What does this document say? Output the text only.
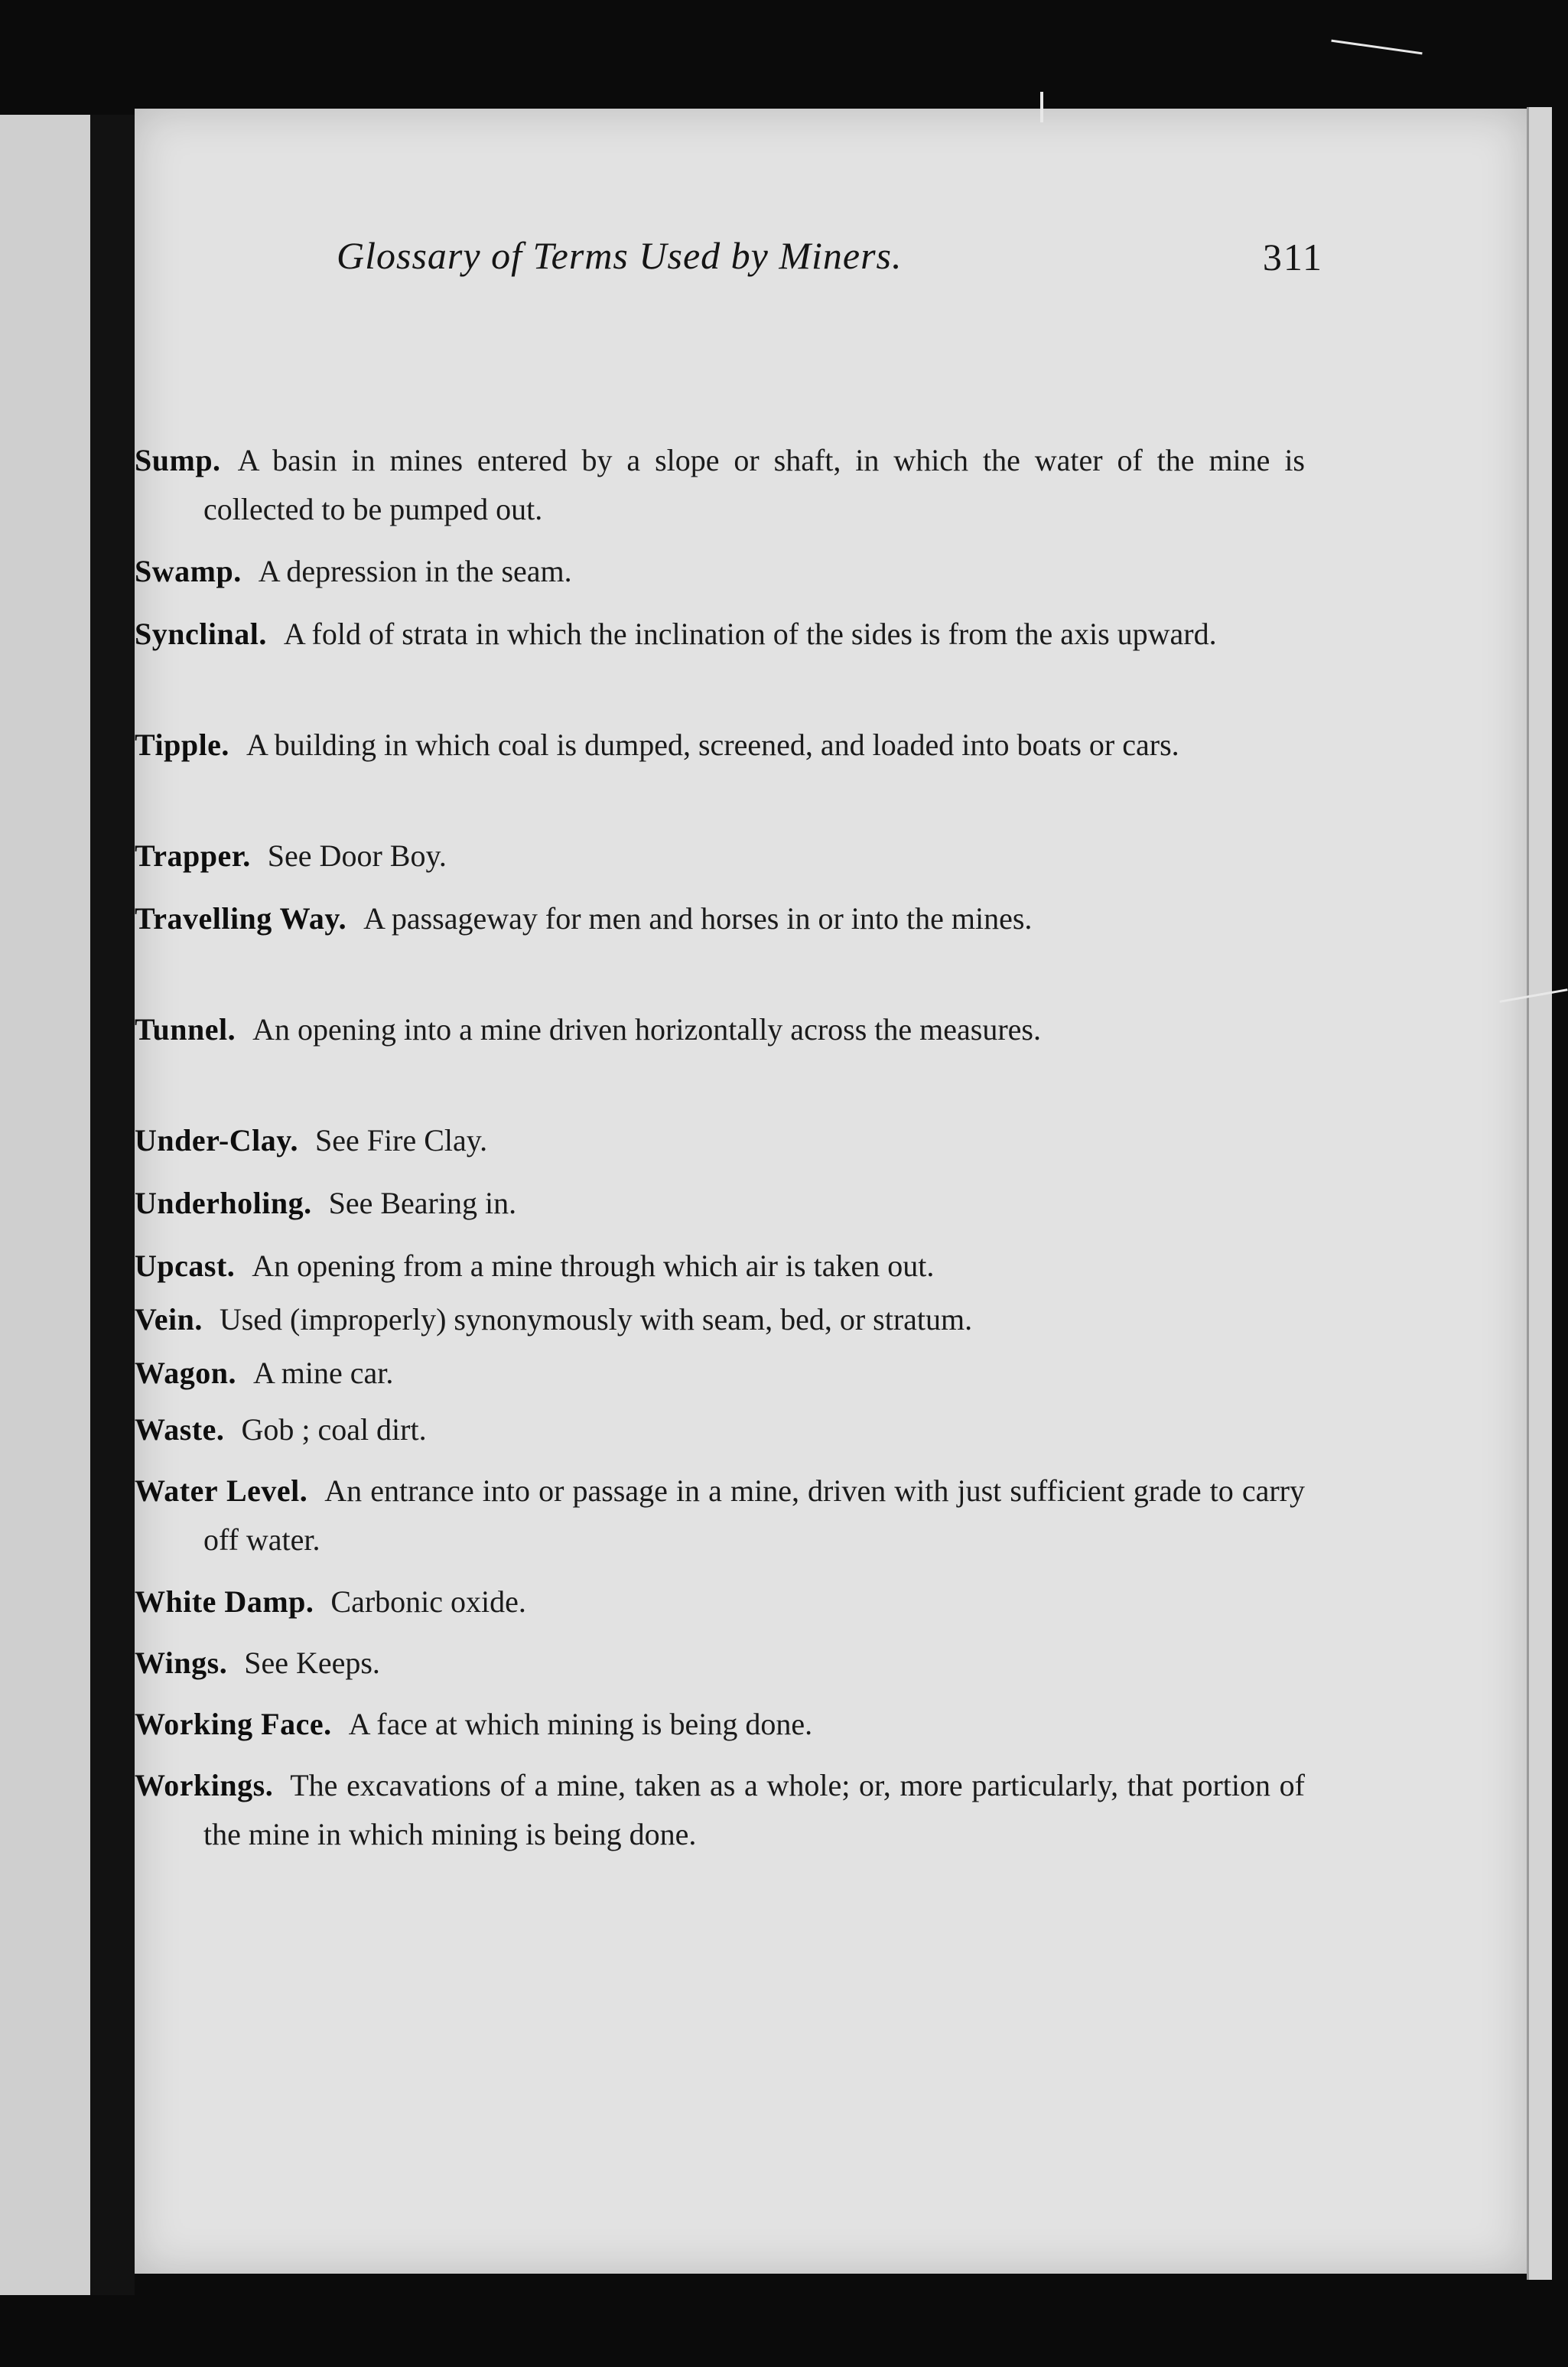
Glossary of Terms Used by Miners.	311
Sump. A basin in mines entered by a slope or shaft, in which the water of the mine is collected to be pumped out.
Swamp. A depression in the seam.
Synclinal. A fold of strata in which the inclination of the sides is from the axis upward.
Tipple. A building in which coal is dumped, screened, and loaded into boats or cars.
Trapper. See Door Boy.
Travelling Way. A passageway for men and horses in or into the mines.
Tunnel. An opening into a mine driven horizontally across the measures.
Under-Clay. See Fire Clay.
Underholing. See Bearing in.
Upcast. An opening from a mine through which air is taken out.
Vein. Used (improperly) synonymously with seam, bed, or stratum.
Wagon. A mine car.
Waste. Gob ; coal dirt.
Water Level. An entrance into or passage in a mine, driven with just sufficient grade to carry off water.
White Damp. Carbonic oxide.
Wings. See Keeps.
Working Face. A face at which mining is being done.
Workings. The excavations of a mine, taken as a whole; or, more particularly, that portion of the mine in which mining is being done.
